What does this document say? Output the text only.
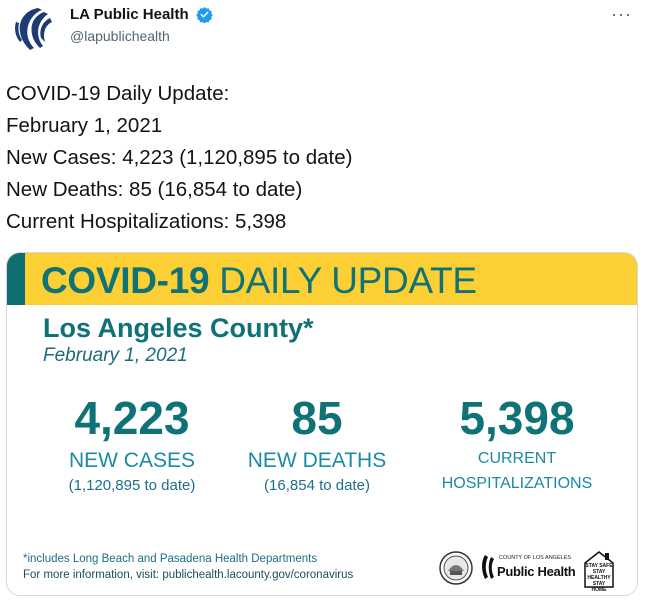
LA Public Health
@lapublichealth
···
COVID-19 Daily Update:
February 1, 2021
New Cases: 4,223 (1,120,895 to date)
New Deaths: 85 (16,854 to date)
Current Hospitalizations: 5,398
COVID-19 DAILY UPDATE
Los Angeles County*
February 1, 2021
4,223
NEW CASES
(1,120,895 to date)
85
NEW DEATHS
(16,854 to date)
5,398
CURRENT
HOSPITALIZATIONS
*includes Long Beach and Pasadena Health Departments
For more information, visit: publichealth.lacounty.gov/coronavirus
COUNTY OF LOS ANGELES
Public Health STAY SAFE
STAY HEALTHY
STAY HOME
